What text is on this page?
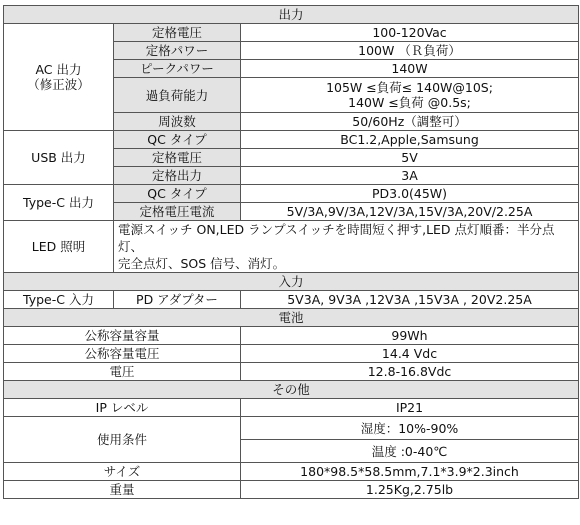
出力		

AC 出力
（修正波）	定格電圧	100-120Vac
	定格パワー	100W （Ｒ負荷）
	ピークパワー	140W
	過負荷能力	105W ≤負荷≤ 140W@10S;
140W ≤負荷 @0.5s;

	周波数	50/60Hz（調整可）
USB 出力	QC タイプ	BC1.2,Apple,Samsung
	定格電圧	5V
	定格出力	3A
Type-C 出力	QC タイプ	PD3.0(45W)
	定格電圧電流	5V/3A,9V/3A,12V/3A,15V/3A,20V/2.25A
LED 照明	電源スイッチ ON,LED ランプスイッチを時間短く押す,LED 点灯順番：半分点灯、
完全点灯、SOS 信号、消灯。	

入力		
Type-C 入力	PD アダプター	5V3A, 9V3A ,12V3A ,15V3A , 20V2.25A
電池		
公称容量容量		99Wh
公称容量電圧		14.4 Vdc
電圧		12.8-16.8Vdc
その他		
IP レベル		IP21
使用条件		湿度：10%-90%
		温度 :0-40℃
サイズ		180*98.5*58.5mm,7.1*3.9*2.3inch
重量		1.25Kg,2.75lb
